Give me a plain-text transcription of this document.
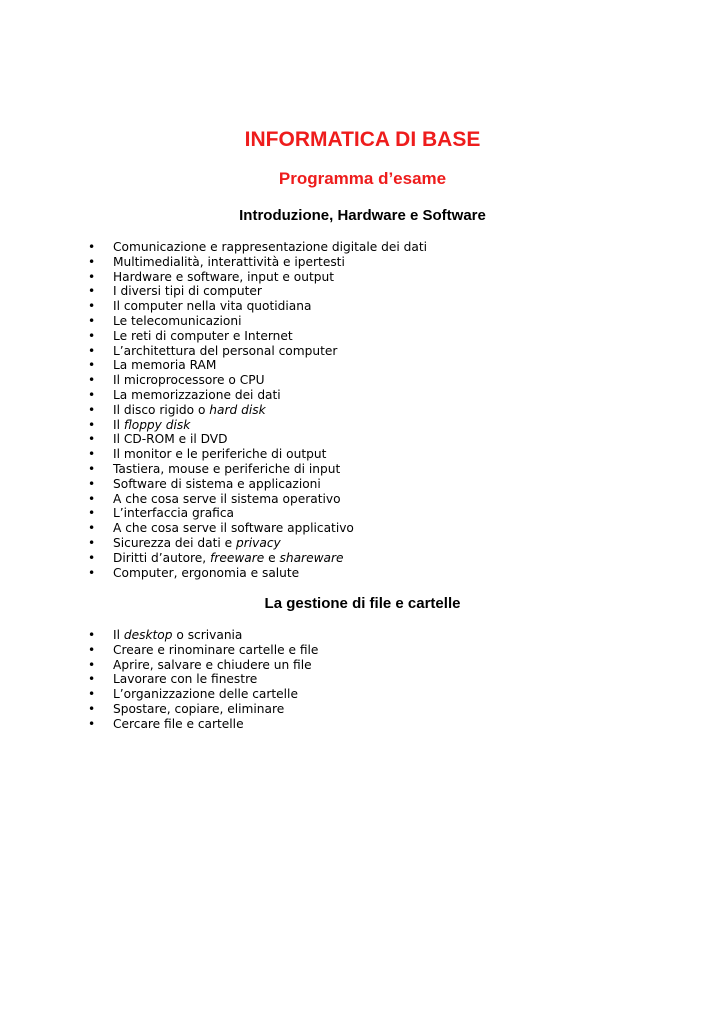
INFORMATICA DI BASE
Programma d’esame
Introduzione, Hardware e Software
• Comunicazione e rappresentazione digitale dei dati
• Multimedialità, interattività e ipertesti
• Hardware e software, input e output
• I diversi tipi di computer
• Il computer nella vita quotidiana
• Le telecomunicazioni
• Le reti di computer e Internet
• L’architettura del personal computer
• La memoria RAM
• Il microprocessore o CPU
• La memorizzazione dei dati
• Il disco rigido o hard disk
• Il floppy disk
• Il CD-ROM e il DVD
• Il monitor e le periferiche di output
• Tastiera, mouse e periferiche di input
• Software di sistema e applicazioni
• A che cosa serve il sistema operativo
• L’interfaccia grafica
• A che cosa serve il software applicativo
• Sicurezza dei dati e privacy
• Diritti d’autore, freeware e shareware
• Computer, ergonomia e salute
La gestione di file e cartelle
• Il desktop o scrivania
• Creare e rinominare cartelle e file
• Aprire, salvare e chiudere un file
• Lavorare con le finestre
• L’organizzazione delle cartelle
• Spostare, copiare, eliminare
• Cercare file e cartelle
